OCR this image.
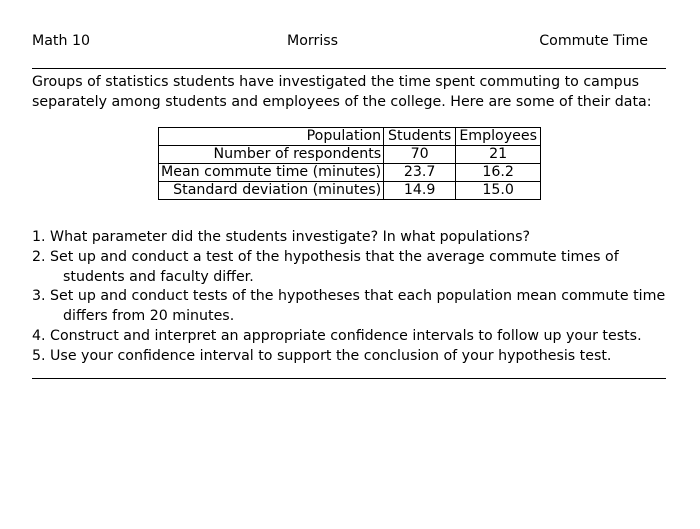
Math 10	Morriss	Commute Time
Groups of statistics students have investigated the time spent commuting to campus
separately among students and employees of the college. Here are some of their data:
Population	Students	Employees
Number of respondents	70	21
Mean commute time (minutes)	23.7	16.2
Standard deviation (minutes)	14.9	15.0
1. What parameter did the students investigate? In what populations?
2. Set up and conduct a test of the hypothesis that the average commute times of
students and faculty differ.
3. Set up and conduct tests of the hypotheses that each population mean commute time
differs from 20 minutes.
4. Construct and interpret an appropriate confidence intervals to follow up your tests.
5. Use your confidence interval to support the conclusion of your hypothesis test.
